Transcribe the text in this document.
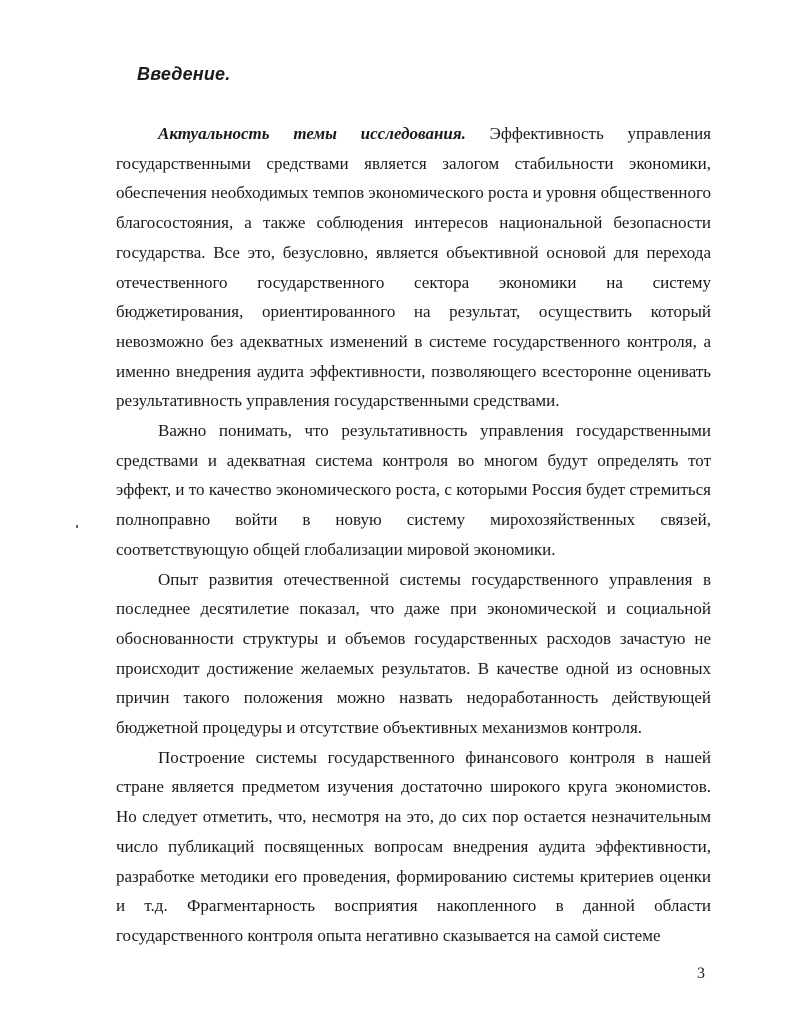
Введение.

Актуальность темы исследования. Эффективность управления государственными средствами является залогом стабильности экономики, обеспечения необходимых темпов экономического роста и уровня общественного благосостояния, а также соблюдения интересов национальной безопасности государства. Все это, безусловно, является объективной основой для перехода отечественного государственного сектора экономики на систему бюджетирования, ориентированного на результат, осуществить который невозможно без адекватных изменений в системе государственного контроля, а именно внедрения аудита эффективности, позволяющего всесторонне оценивать результативность управления государственными средствами.

Важно понимать, что результативность управления государственными средствами и адекватная система контроля во многом будут определять тот эффект, и то качество экономического роста, с которыми Россия будет стремиться полноправно войти в новую систему мирохозяйственных связей, соответствующую общей глобализации мировой экономики.

Опыт развития отечественной системы государственного управления в последнее десятилетие показал, что даже при экономической и социальной обоснованности структуры и объемов государственных расходов зачастую не происходит достижение желаемых результатов. В качестве одной из основных причин такого положения можно назвать недоработанность действующей бюджетной процедуры и отсутствие объективных механизмов контроля.

Построение системы государственного финансового контроля в нашей стране является предметом изучения достаточно широкого круга экономистов. Но следует отметить, что, несмотря на это, до сих пор остается незначительным число публикаций посвященных вопросам внедрения аудита эффективности, разработке методики его проведения, формированию системы критериев оценки и т.д. Фрагментарность восприятия накопленного в данной области государственного контроля опыта негативно сказывается на самой системе

3
